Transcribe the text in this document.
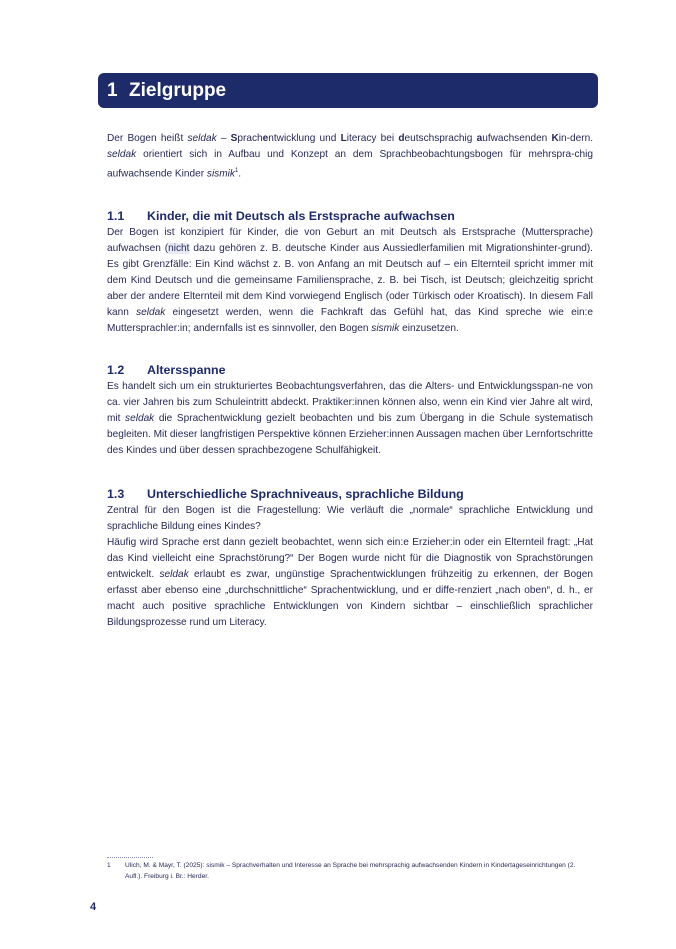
1 Zielgruppe

Der Bogen heißt seldak – Sprachentwicklung und Literacy bei deutschsprachig aufwachsenden Kin-dern. seldak orientiert sich in Aufbau und Konzept an dem Sprachbeobachtungsbogen für mehrspra-chig aufwachsende Kinder sismik$^1$.

1.1 Kinder, die mit Deutsch als Erstsprache aufwachsen

Der Bogen ist konzipiert für Kinder, die von Geburt an mit Deutsch als Erstsprache (Muttersprache) aufwachsen (nicht dazu gehören z. B. deutsche Kinder aus Aussiedlerfamilien mit Migrationshinter-grund). Es gibt Grenzfälle: Ein Kind wächst z. B. von Anfang an mit Deutsch auf – ein Elternteil spricht immer mit dem Kind Deutsch und die gemeinsame Familiensprache, z. B. bei Tisch, ist Deutsch; gleichzeitig spricht aber der andere Elternteil mit dem Kind vorwiegend Englisch (oder Türkisch oder Kroatisch). In diesem Fall kann seldak eingesetzt werden, wenn die Fachkraft das Gefühl hat, das Kind spreche wie ein:e Muttersprachler:in; andernfalls ist es sinnvoller, den Bogen sismik einzusetzen.

1.2 Altersspanne

Es handelt sich um ein strukturiertes Beobachtungsverfahren, das die Alters- und Entwicklungsspan-ne von ca. vier Jahren bis zum Schuleintritt abdeckt. Praktiker:innen können also, wenn ein Kind vier Jahre alt wird, mit seldak die Sprachentwicklung gezielt beobachten und bis zum Übergang in die Schule systematisch begleiten. Mit dieser langfristigen Perspektive können Erzieher:innen Aussagen machen über Lernfortschritte des Kindes und über dessen sprachbezogene Schulfähigkeit.

1.3 Unterschiedliche Sprachniveaus, sprachliche Bildung

Zentral für den Bogen ist die Fragestellung: Wie verläuft die „normale“ sprachliche Entwicklung und sprachliche Bildung eines Kindes?

Häufig wird Sprache erst dann gezielt beobachtet, wenn sich ein:e Erzieher:in oder ein Elternteil fragt: „Hat das Kind vielleicht eine Sprachstörung?“ Der Bogen wurde nicht für die Diagnostik von Sprachstörungen entwickelt. seldak erlaubt es zwar, ungünstige Sprachentwicklungen frühzeitig zu erkennen, der Bogen erfasst aber ebenso eine „durchschnittliche“ Sprachentwicklung, und er diffe-renziert „nach oben“, d. h., er macht auch positive sprachliche Entwicklungen von Kindern sichtbar – einschließlich sprachlicher Bildungsprozesse rund um Literacy.

1	Ulich, M. & Mayr, T. (2025): sismik – Sprachverhalten und Interesse an Sprache bei mehrsprachig aufwachsenden Kindern in Kindertageseinrichtungen (2. Aufl.). Freiburg i. Br.: Herder.
4
